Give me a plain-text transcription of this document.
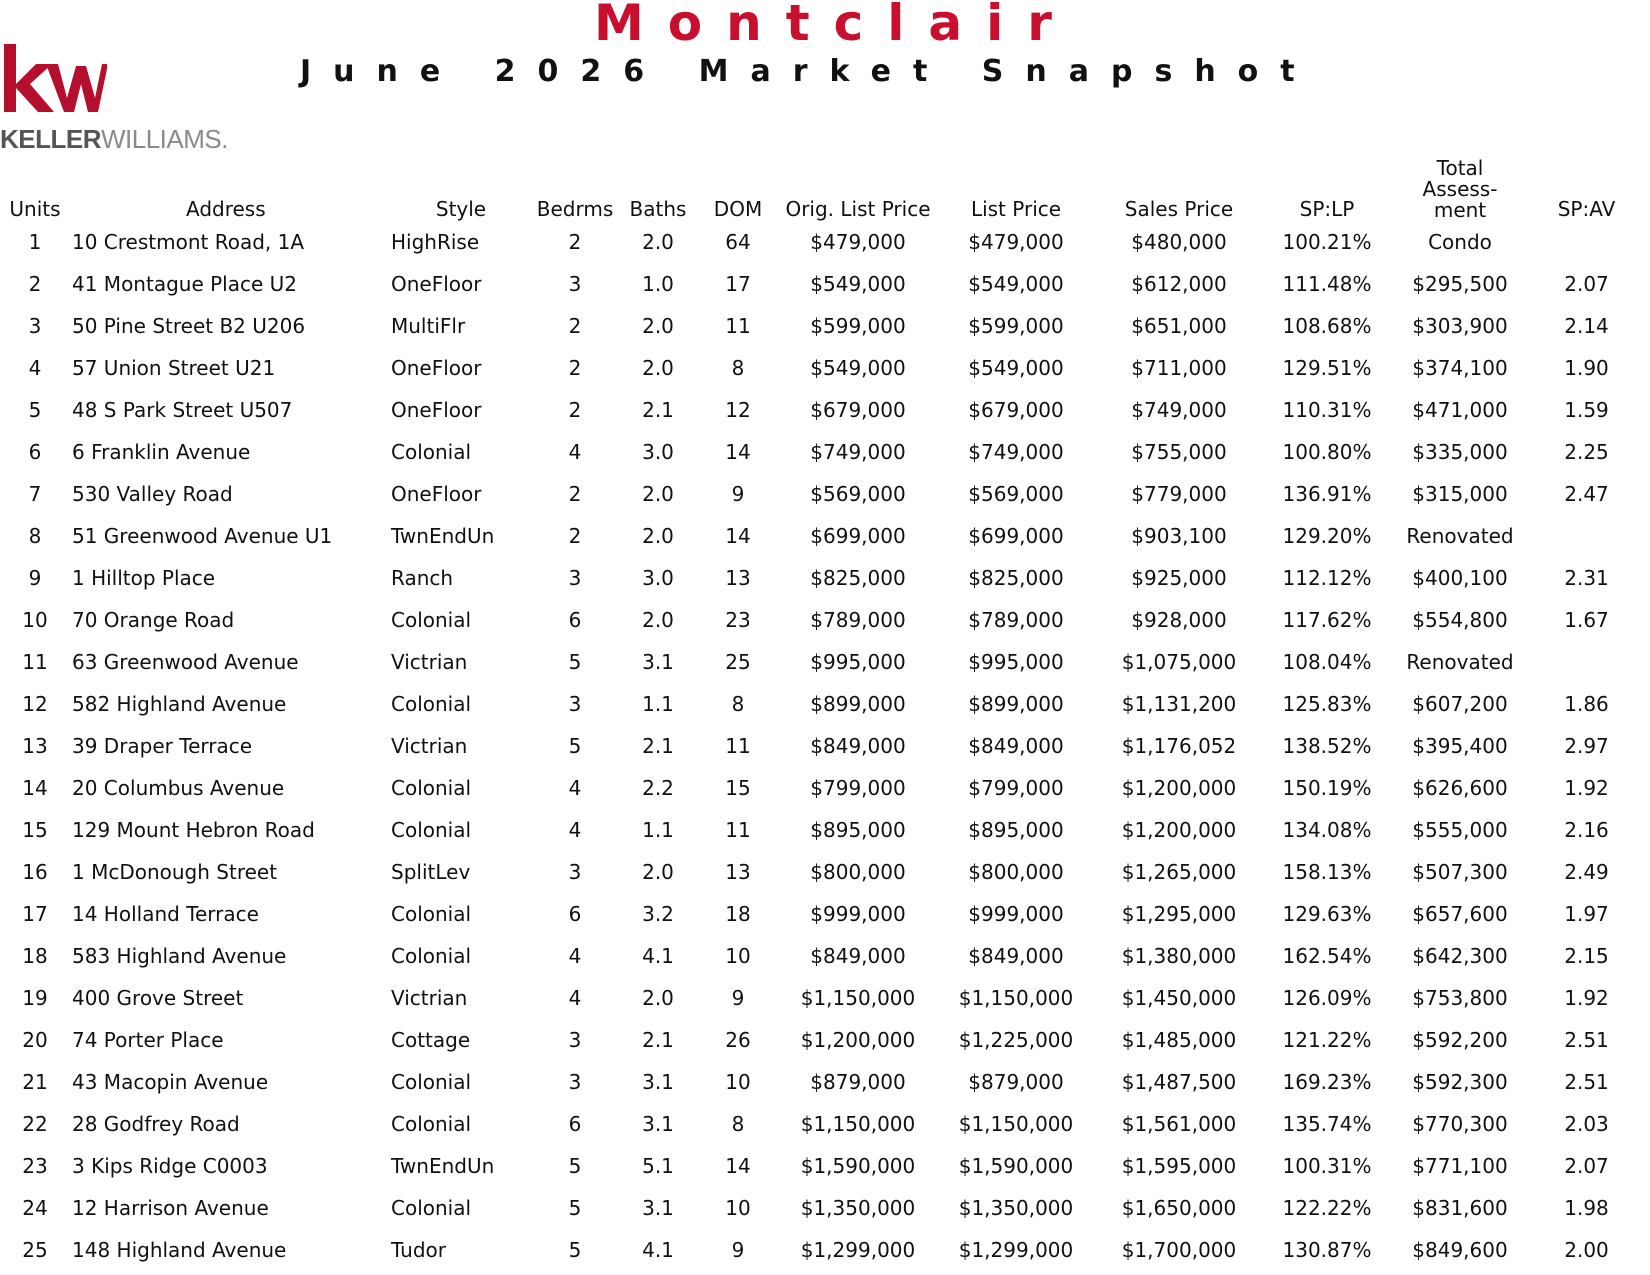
KELLERWILLIAMS.
Montclair
June 2026 Market Snapshot
Units	Address	Style	Bedrms	Baths	DOM	Orig. List Price	List Price	Sales Price	SP:LP	Total Assess-ment	SP:AV
1	10 Crestmont Road, 1A	HighRise	2	2.0	64	$479,000	$479,000	$480,000	100.21%	Condo	
2	41 Montague Place U2	OneFloor	3	1.0	17	$549,000	$549,000	$612,000	111.48%	$295,500	2.07
3	50 Pine Street B2 U206	MultiFlr	2	2.0	11	$599,000	$599,000	$651,000	108.68%	$303,900	2.14
4	57 Union Street U21	OneFloor	2	2.0	8	$549,000	$549,000	$711,000	129.51%	$374,100	1.90
5	48 S Park Street U507	OneFloor	2	2.1	12	$679,000	$679,000	$749,000	110.31%	$471,000	1.59
6	6 Franklin Avenue	Colonial	4	3.0	14	$749,000	$749,000	$755,000	100.80%	$335,000	2.25
7	530 Valley Road	OneFloor	2	2.0	9	$569,000	$569,000	$779,000	136.91%	$315,000	2.47
8	51 Greenwood Avenue U1	TwnEndUn	2	2.0	14	$699,000	$699,000	$903,100	129.20%	Renovated	
9	1 Hilltop Place	Ranch	3	3.0	13	$825,000	$825,000	$925,000	112.12%	$400,100	2.31
10	70 Orange Road	Colonial	6	2.0	23	$789,000	$789,000	$928,000	117.62%	$554,800	1.67
11	63 Greenwood Avenue	Victrian	5	3.1	25	$995,000	$995,000	$1,075,000	108.04%	Renovated	
12	582 Highland Avenue	Colonial	3	1.1	8	$899,000	$899,000	$1,131,200	125.83%	$607,200	1.86
13	39 Draper Terrace	Victrian	5	2.1	11	$849,000	$849,000	$1,176,052	138.52%	$395,400	2.97
14	20 Columbus Avenue	Colonial	4	2.2	15	$799,000	$799,000	$1,200,000	150.19%	$626,600	1.92
15	129 Mount Hebron Road	Colonial	4	1.1	11	$895,000	$895,000	$1,200,000	134.08%	$555,000	2.16
16	1 McDonough Street	SplitLev	3	2.0	13	$800,000	$800,000	$1,265,000	158.13%	$507,300	2.49
17	14 Holland Terrace	Colonial	6	3.2	18	$999,000	$999,000	$1,295,000	129.63%	$657,600	1.97
18	583 Highland Avenue	Colonial	4	4.1	10	$849,000	$849,000	$1,380,000	162.54%	$642,300	2.15
19	400 Grove Street	Victrian	4	2.0	9	$1,150,000	$1,150,000	$1,450,000	126.09%	$753,800	1.92
20	74 Porter Place	Cottage	3	2.1	26	$1,200,000	$1,225,000	$1,485,000	121.22%	$592,200	2.51
21	43 Macopin Avenue	Colonial	3	3.1	10	$879,000	$879,000	$1,487,500	169.23%	$592,300	2.51
22	28 Godfrey Road	Colonial	6	3.1	8	$1,150,000	$1,150,000	$1,561,000	135.74%	$770,300	2.03
23	3 Kips Ridge C0003	TwnEndUn	5	5.1	14	$1,590,000	$1,590,000	$1,595,000	100.31%	$771,100	2.07
24	12 Harrison Avenue	Colonial	5	3.1	10	$1,350,000	$1,350,000	$1,650,000	122.22%	$831,600	1.98
25	148 Highland Avenue	Tudor	5	4.1	9	$1,299,000	$1,299,000	$1,700,000	130.87%	$849,600	2.00
